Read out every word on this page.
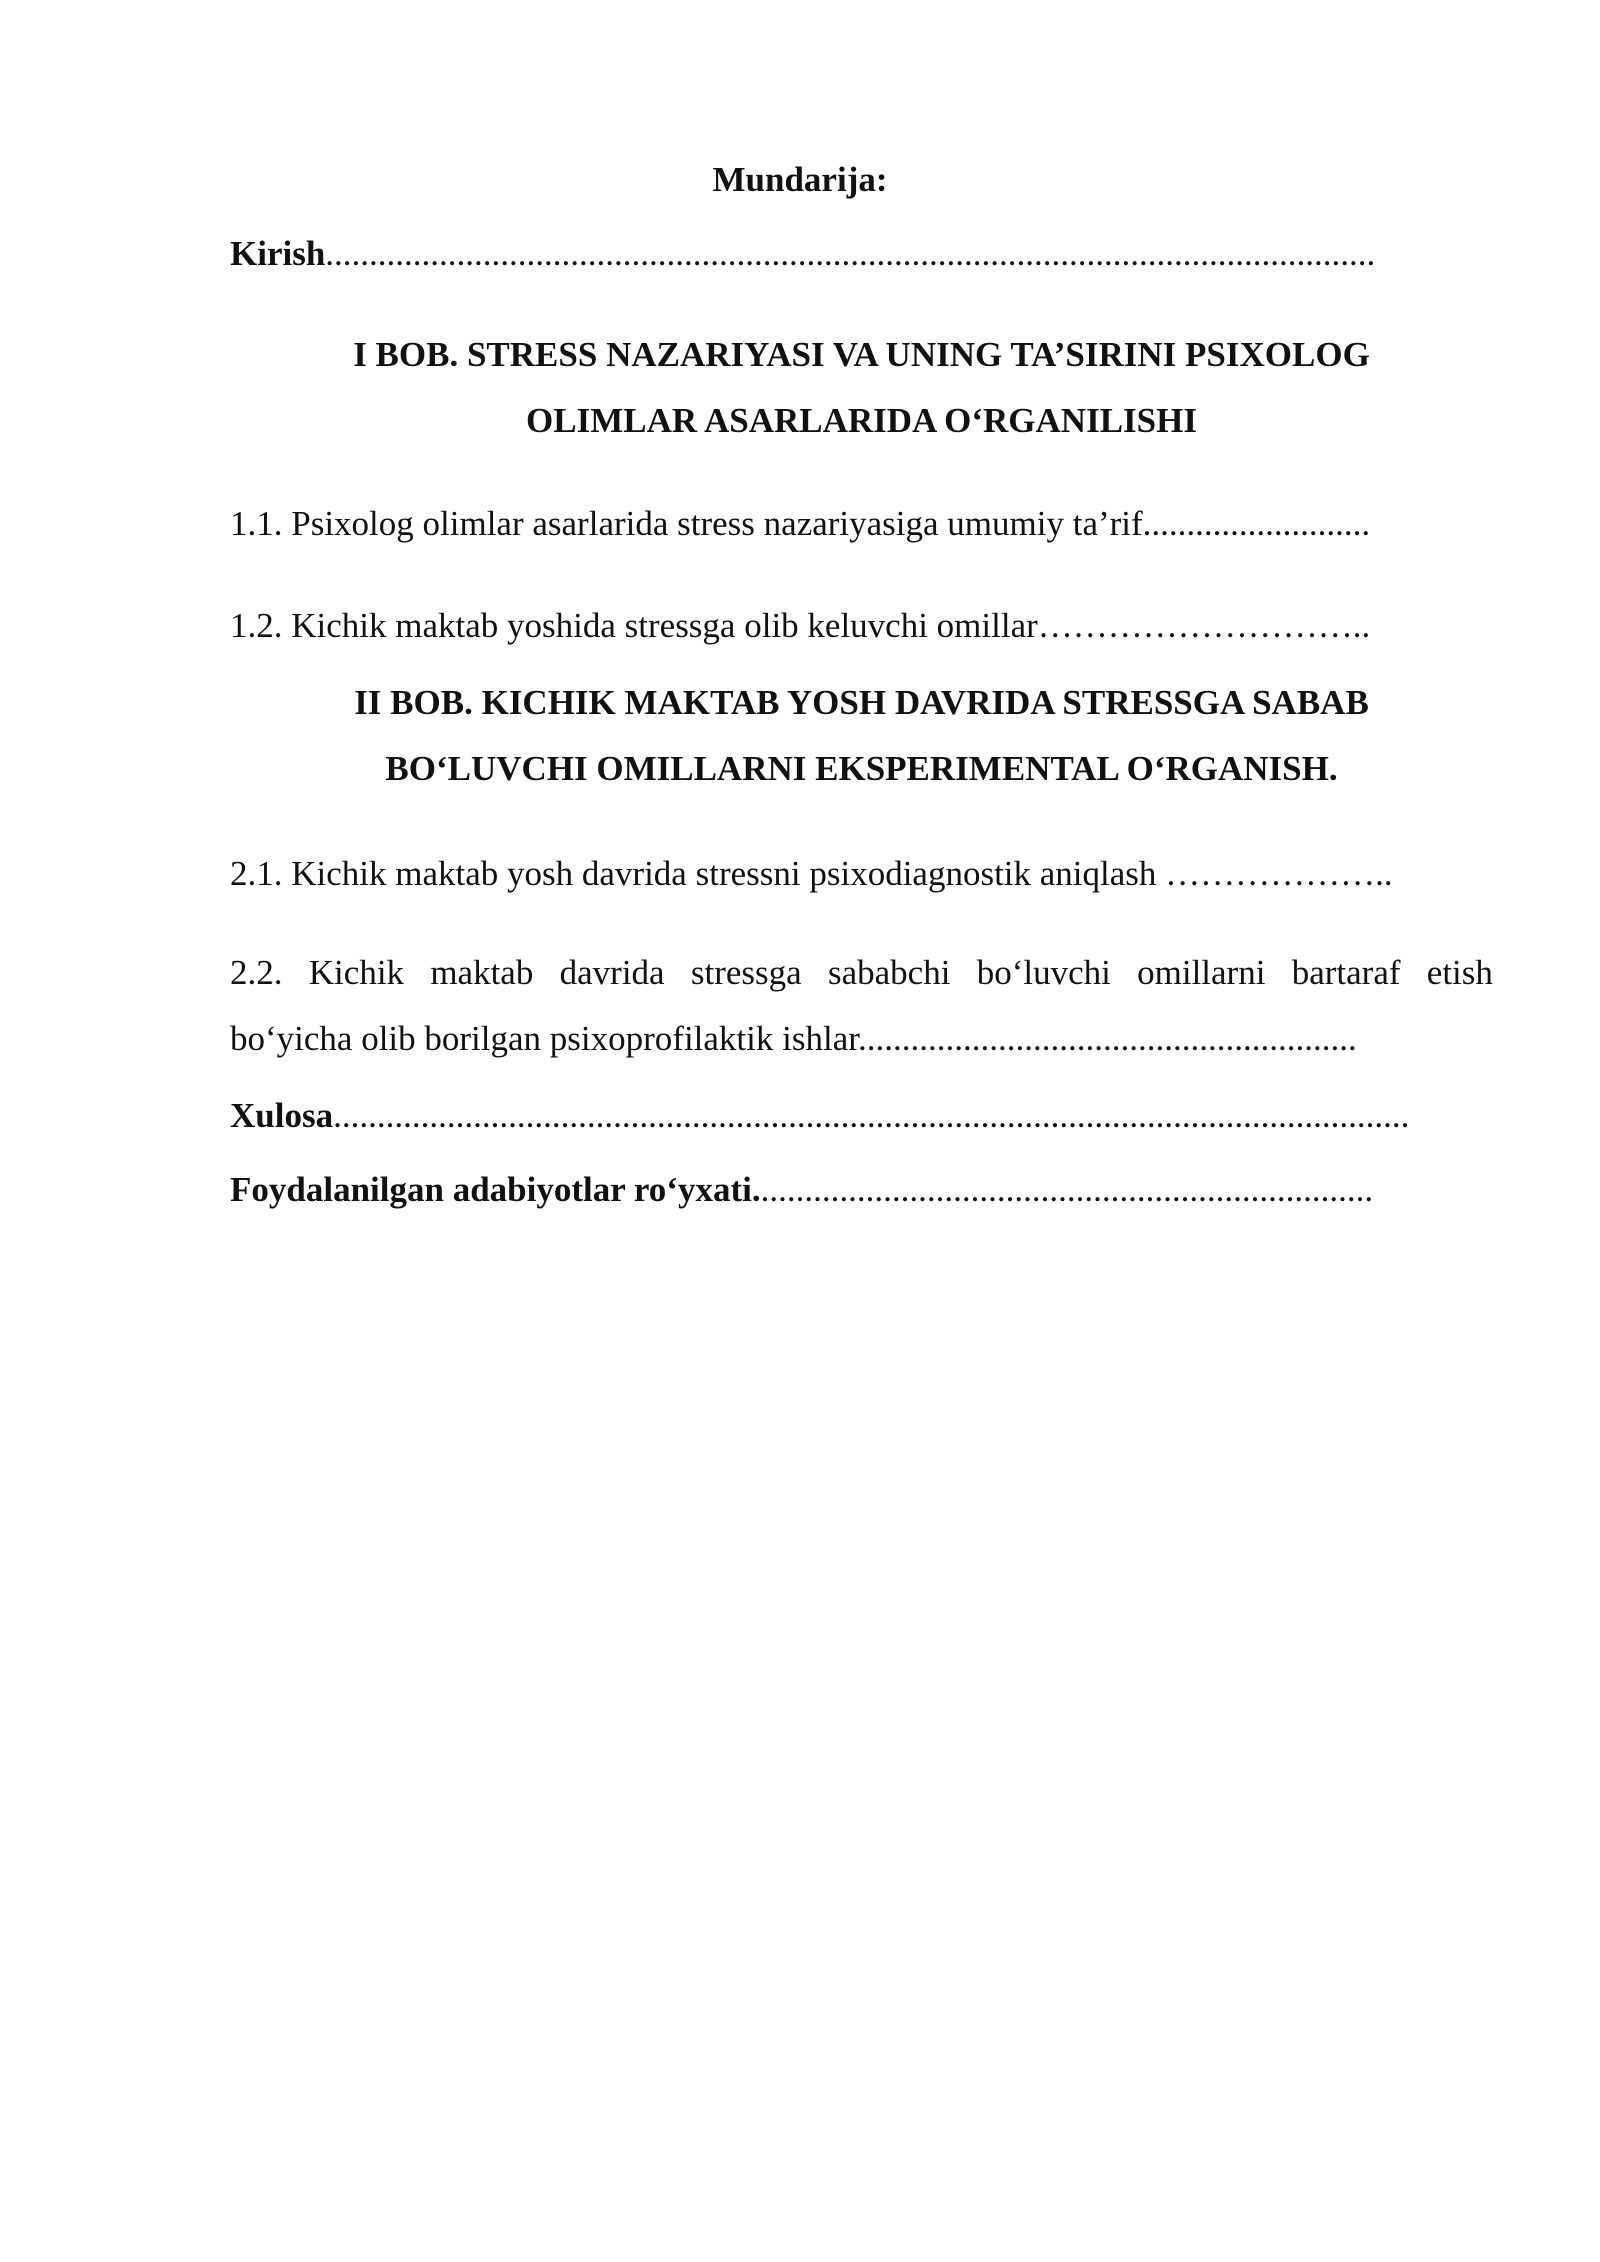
Mundarija:
Kirish........................................................................................................................
I BOB. STRESS NAZARIYASI VA UNING TA’SIRINI PSIXOLOG
OLIMLAR ASARLARIDA O‘RGANILISHI
1.1. Psixolog olimlar asarlarida stress nazariyasiga umumiy ta’rif..........................
1.2. Kichik maktab yoshida stressga olib keluvchi omillar………………………..
II BOB. KICHIK MAKTAB YOSH DAVRIDA STRESSGA SABAB
BO‘LUVCHI OMILLARNI EKSPERIMENTAL O‘RGANISH.
2.1. Kichik maktab yosh davrida stressni psixodiagnostik aniqlash ………………..
2.2. Kichik maktab davrida stressga sababchi bo‘luvchi omillarni bartaraf etish
bo‘yicha olib borilgan psixoprofilaktik ishlar.........................................................
Xulosa...........................................................................................................................
Foydalanilgan adabiyotlar ro‘yxati.......................................................................
